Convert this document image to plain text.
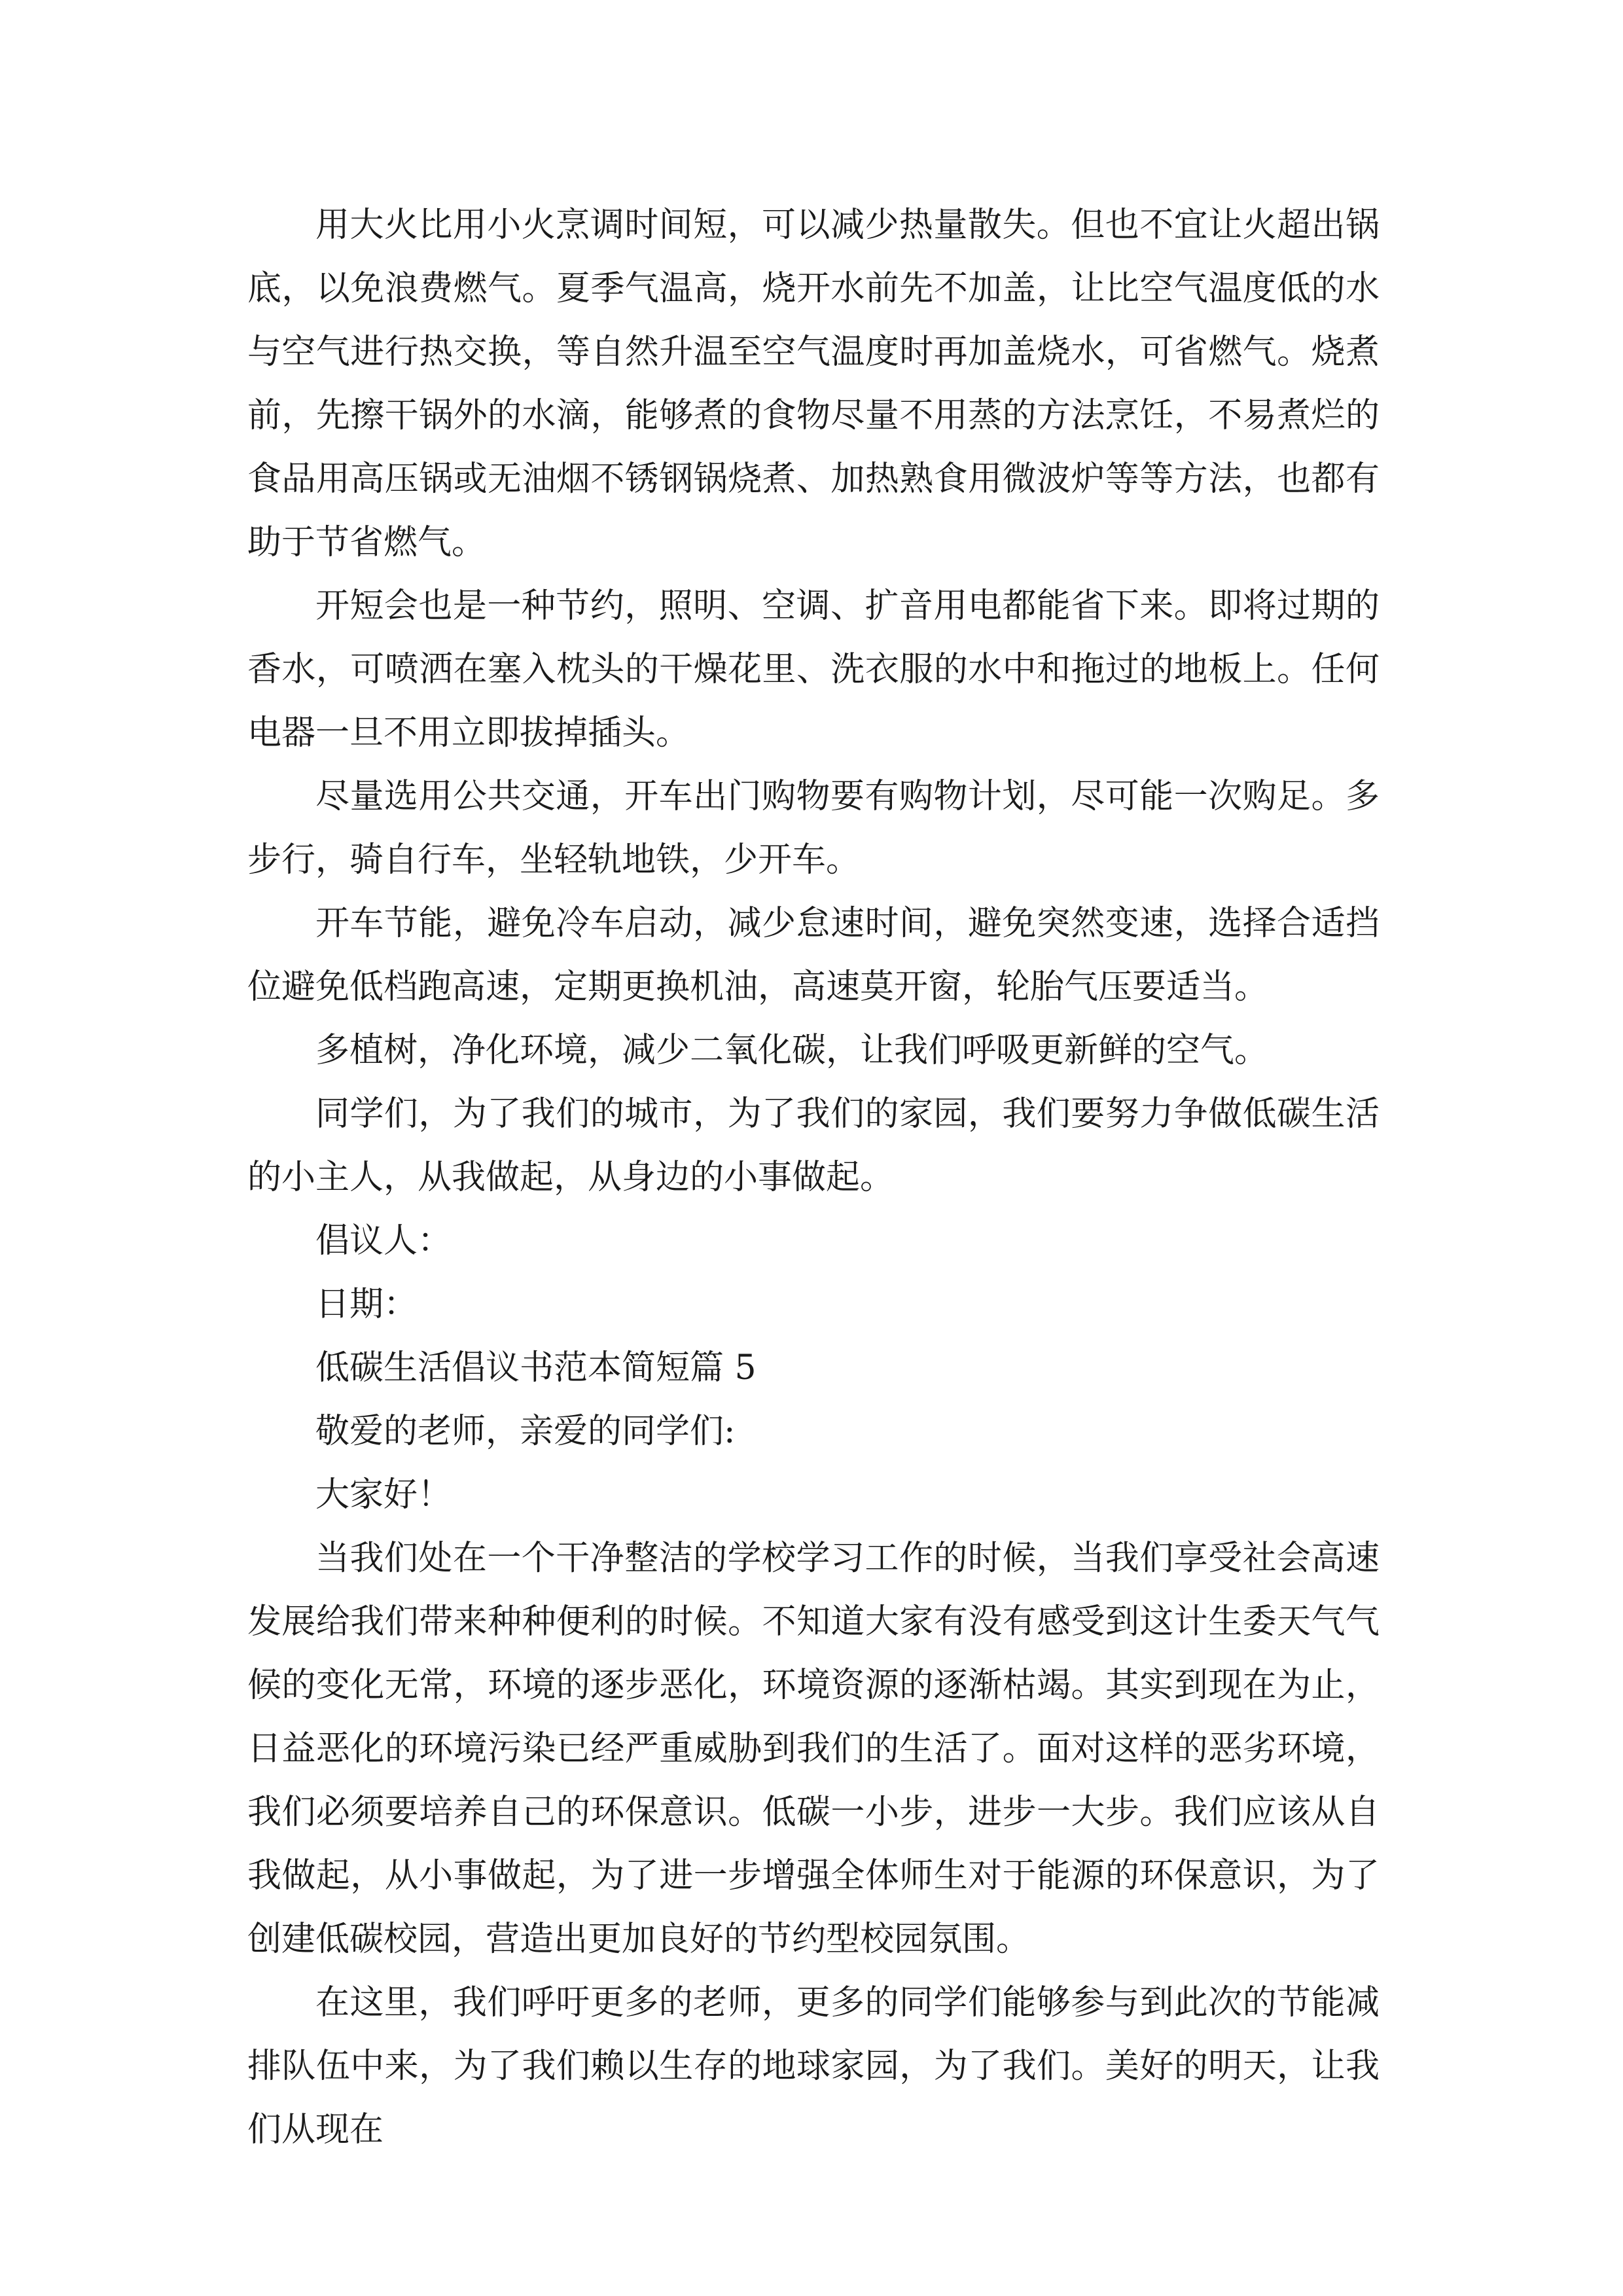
用大火比用小火烹调时间短，可以减少热量散失。但也不宜让火超出锅底，以免浪费燃气。夏季气温高，烧开水前先不加盖，让比空气温度低的水与空气进行热交换，等自然升温至空气温度时再加盖烧水，可省燃气。烧煮前，先擦干锅外的水滴，能够煮的食物尽量不用蒸的方法烹饪，不易煮烂的食品用高压锅或无油烟不锈钢锅烧煮、加热熟食用微波炉等等方法，也都有助于节省燃气。

开短会也是一种节约，照明、空调、扩音用电都能省下来。即将过期的香水，可喷洒在塞入枕头的干燥花里、洗衣服的水中和拖过的地板上。任何电器一旦不用立即拔掉插头。

尽量选用公共交通，开车出门购物要有购物计划，尽可能一次购足。多步行，骑自行车，坐轻轨地铁，少开车。

开车节能，避免冷车启动，减少怠速时间，避免突然变速，选择合适挡位避免低档跑高速，定期更换机油，高速莫开窗，轮胎气压要适当。

多植树，净化环境，减少二氧化碳，让我们呼吸更新鲜的空气。

同学们，为了我们的城市，为了我们的家园，我们要努力争做低碳生活的小主人，从我做起，从身边的小事做起。

倡议人：

日期：

低碳生活倡议书范本简短篇 5

敬爱的老师，亲爱的同学们:

大家好！

当我们处在一个干净整洁的学校学习工作的时候，当我们享受社会高速发展给我们带来种种便利的时候。不知道大家有没有感受到这计生委天气气候的变化无常，环境的逐步恶化，环境资源的逐渐枯竭。其实到现在为止，日益恶化的环境污染已经严重威胁到我们的生活了。面对这样的恶劣环境，我们必须要培养自己的环保意识。低碳一小步，进步一大步。我们应该从自我做起，从小事做起，为了进一步增强全体师生对于能源的环保意识，为了创建低碳校园，营造出更加良好的节约型校园氛围。

在这里，我们呼吁更多的老师，更多的同学们能够参与到此次的节能减排队伍中来，为了我们赖以生存的地球家园，为了我们。美好的明天，让我们从现在
